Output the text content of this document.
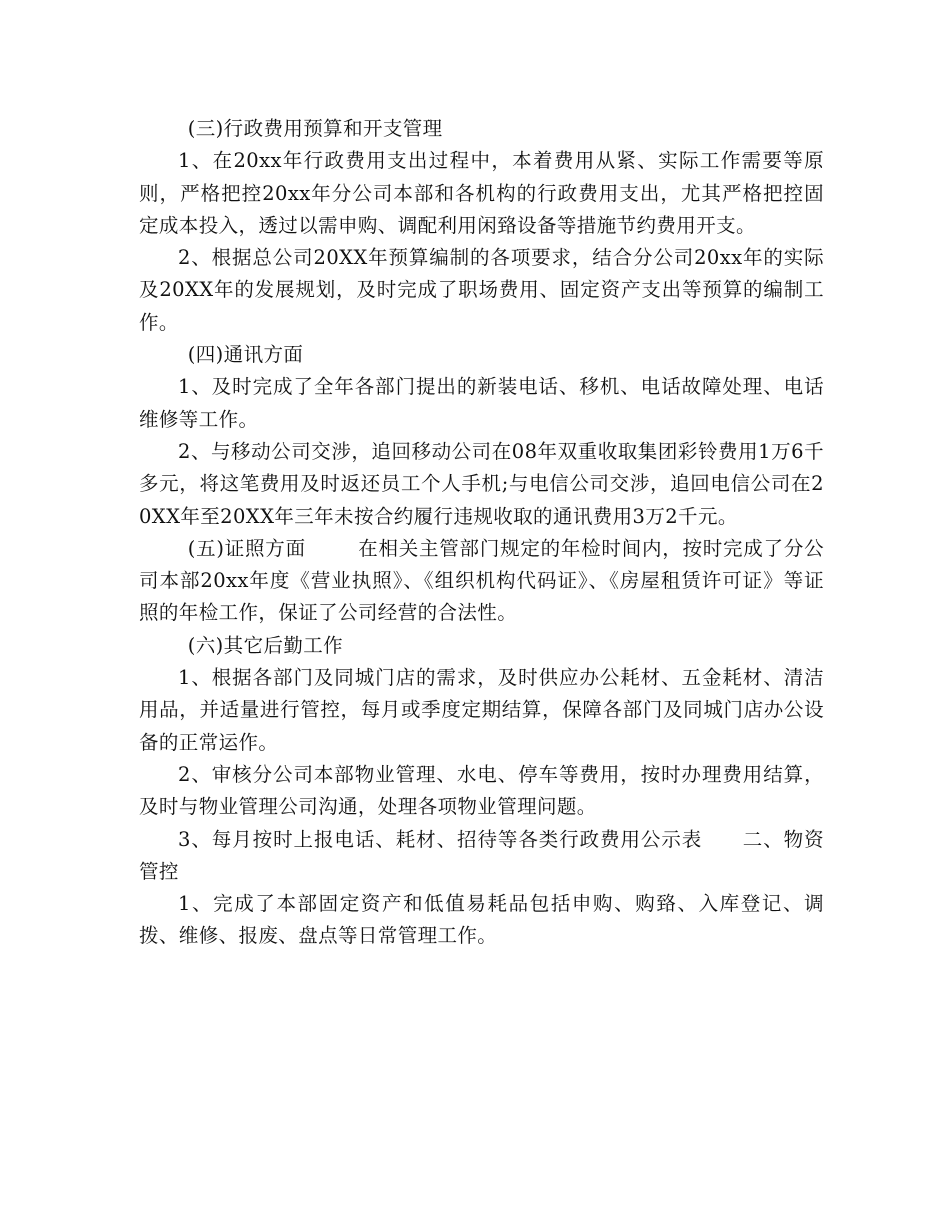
(三)行政费用预算和开支管理

1、在20xx年行政费用支出过程中，本着费用从紧、实际工作需要等原则，严格把控20xx年分公司本部和各机构的行政费用支出，尤其严格把控固定成本投入，透过以需申购、调配利用闲臵设备等措施节约费用开支。

2、根据总公司20XX年预算编制的各项要求，结合分公司20xx年的实际及20XX年的发展规划，及时完成了职场费用、固定资产支出等预算的编制工作。

(四)通讯方面

1、及时完成了全年各部门提出的新装电话、移机、电话故障处理、电话维修等工作。

2、与移动公司交涉，追回移动公司在08年双重收取集团彩铃费用1万6千多元，将这笔费用及时返还员工个人手机;与电信公司交涉，追回电信公司在20XX年至20XX年三年未按合约履行违规收取的通讯费用3万2千元。

(五)证照方面	在相关主管部门规定的年检时间内，按时完成了分公司本部20xx年度《营业执照》、《组织机构代码证》、《房屋租赁许可证》等证照的年检工作，保证了公司经营的合法性。

(六)其它后勤工作

1、根据各部门及同城门店的需求，及时供应办公耗材、五金耗材、清洁用品，并适量进行管控，每月或季度定期结算，保障各部门及同城门店办公设备的正常运作。

2、审核分公司本部物业管理、水电、停车等费用，按时办理费用结算，及时与物业管理公司沟通，处理各项物业管理问题。

3、每月按时上报电话、耗材、招待等各类行政费用公示表 二、物资管控

1、完成了本部固定资产和低值易耗品包括申购、购臵、入库登记、调拨、维修、报废、盘点等日常管理工作。
